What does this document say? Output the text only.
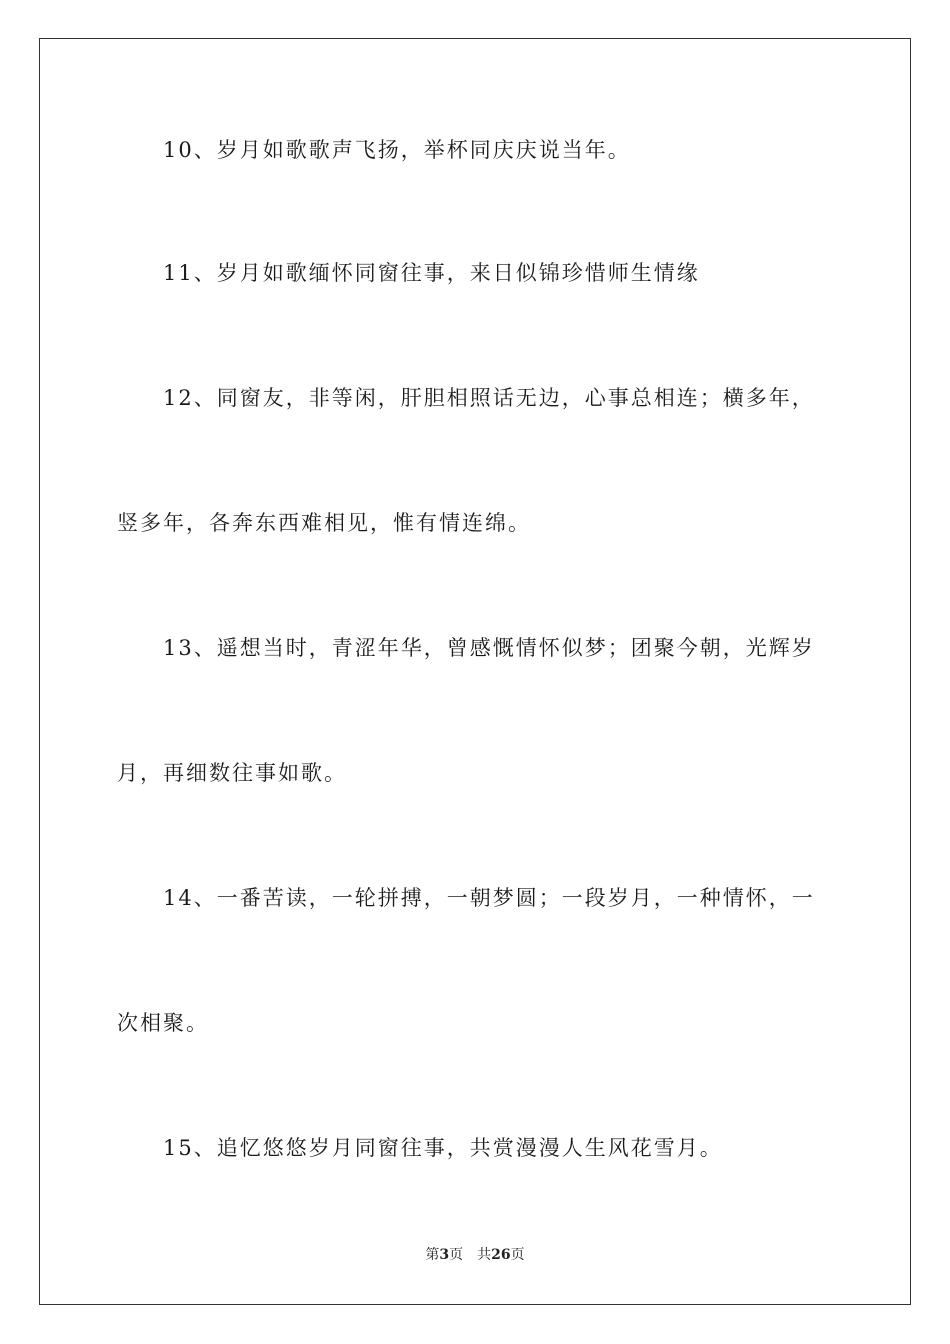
10、岁月如歌歌声飞扬，举杯同庆庆说当年。
11、岁月如歌缅怀同窗往事，来日似锦珍惜师生情缘
12、同窗友，非等闲，肝胆相照话无边，心事总相连；横多年，
竖多年，各奔东西难相见，惟有情连绵。
13、遥想当时，青涩年华，曾感慨情怀似梦；团聚今朝，光辉岁
月，再细数往事如歌。
14、一番苦读，一轮拼搏，一朝梦圆；一段岁月，一种情怀，一
次相聚。
15、追忆悠悠岁月同窗往事，共赏漫漫人生风花雪月。
第3页 共26页
